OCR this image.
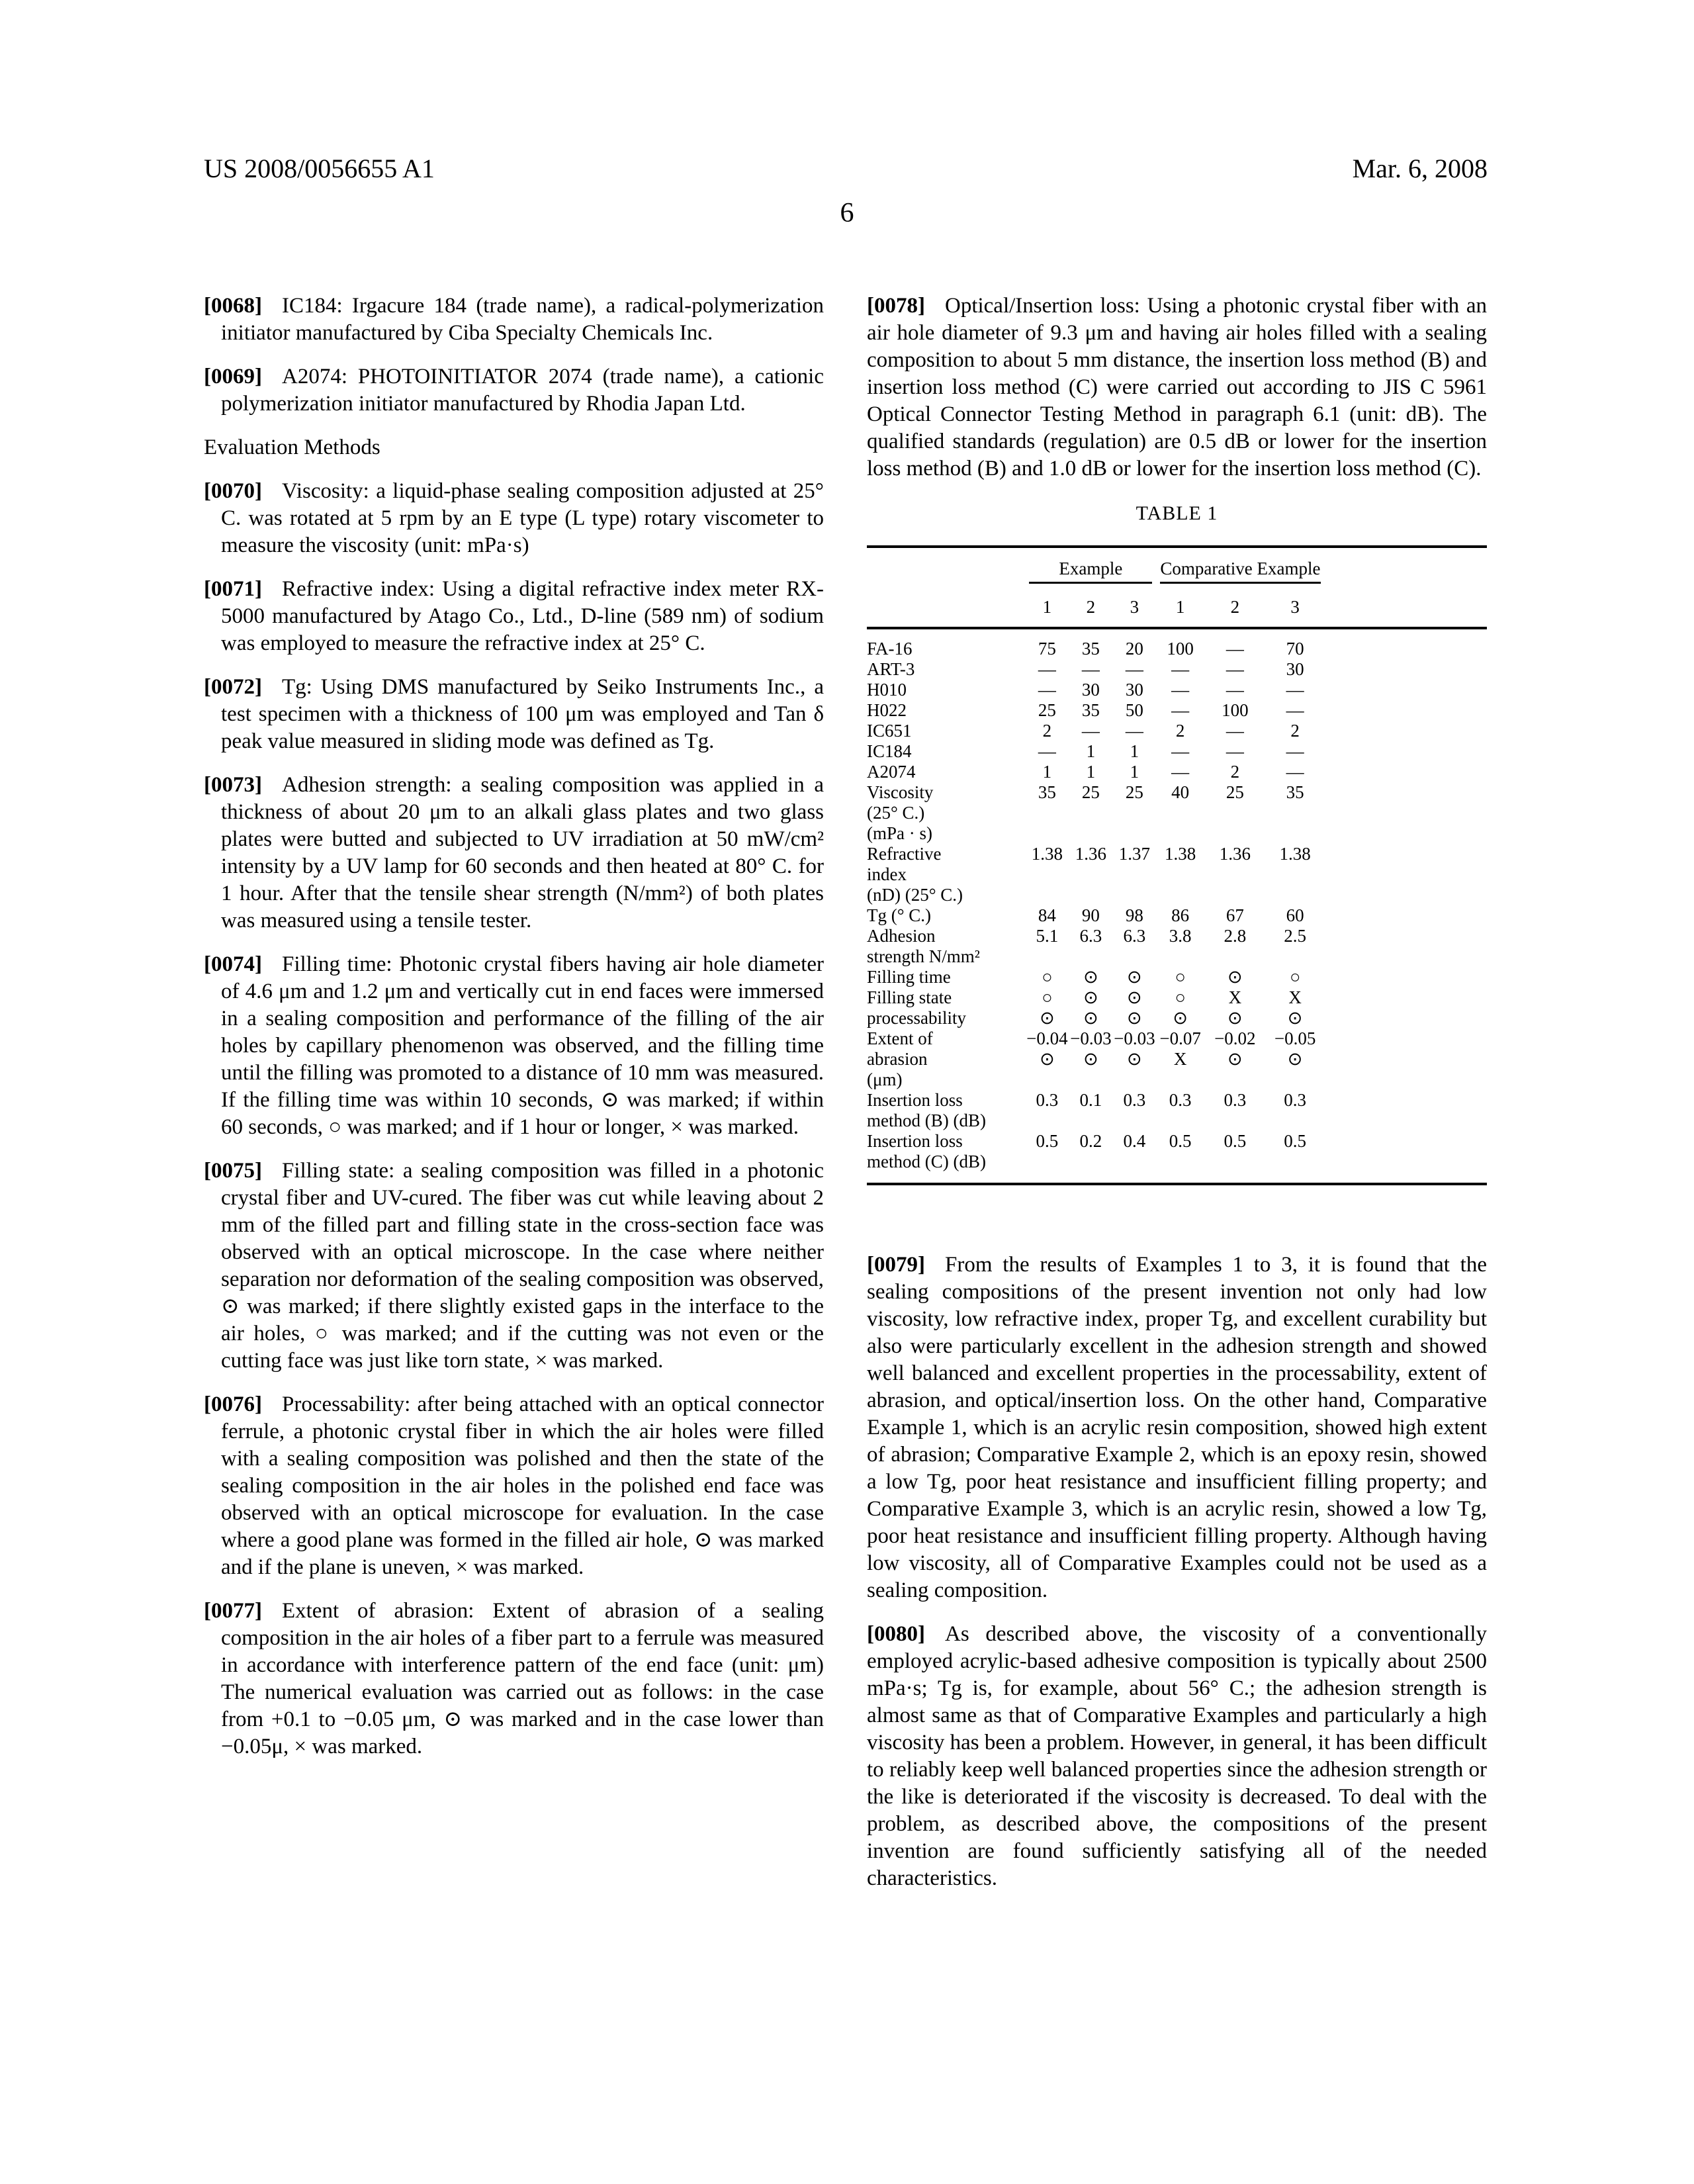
US 2008/0056655 A1	Mar. 6, 2008
6

[0068] IC184: Irgacure 184 (trade name), a radical-polymerization initiator manufactured by Ciba Specialty Chemicals Inc.

[0069] A2074: PHOTOINITIATOR 2074 (trade name), a cationic polymerization initiator manufactured by Rhodia Japan Ltd.

Evaluation Methods

[0070] Viscosity: a liquid-phase sealing composition adjusted at 25° C. was rotated at 5 rpm by an E type (L type) rotary viscometer to measure the viscosity (unit: mPa·s)

[0071] Refractive index: Using a digital refractive index meter RX-5000 manufactured by Atago Co., Ltd., D-line (589 nm) of sodium was employed to measure the refractive index at 25° C.

[0072] Tg: Using DMS manufactured by Seiko Instruments Inc., a test specimen with a thickness of 100 μm was employed and Tan δ peak value measured in sliding mode was defined as Tg.

[0073] Adhesion strength: a sealing composition was applied in a thickness of about 20 μm to an alkali glass plates and two glass plates were butted and subjected to UV irradiation at 50 mW/cm² intensity by a UV lamp for 60 seconds and then heated at 80° C. for 1 hour. After that the tensile shear strength (N/mm²) of both plates was measured using a tensile tester.

[0074] Filling time: Photonic crystal fibers having air hole diameter of 4.6 μm and 1.2 μm and vertically cut in end faces were immersed in a sealing composition and performance of the filling of the air holes by capillary phenomenon was observed, and the filling time until the filling was promoted to a distance of 10 mm was measured. If the filling time was within 10 seconds, ⊙ was marked; if within 60 seconds, ○ was marked; and if 1 hour or longer, × was marked.

[0075] Filling state: a sealing composition was filled in a photonic crystal fiber and UV-cured. The fiber was cut while leaving about 2 mm of the filled part and filling state in the cross-section face was observed with an optical microscope. In the case where neither separation nor deformation of the sealing composition was observed, ⊙ was marked; if there slightly existed gaps in the interface to the air holes, ○ was marked; and if the cutting was not even or the cutting face was just like torn state, × was marked.

[0076] Processability: after being attached with an optical connector ferrule, a photonic crystal fiber in which the air holes were filled with a sealing composition was polished and then the state of the sealing composition in the air holes in the polished end face was observed with an optical microscope for evaluation. In the case where a good plane was formed in the filled air hole, ⊙ was marked and if the plane is uneven, × was marked.

[0077] Extent of abrasion: Extent of abrasion of a sealing composition in the air holes of a fiber part to a ferrule was measured in accordance with interference pattern of the end face (unit: μm) The numerical evaluation was carried out as follows: in the case from +0.1 to −0.05 μm, ⊙ was marked and in the case lower than −0.05μ, × was marked.

[0078] Optical/Insertion loss: Using a photonic crystal fiber with an air hole diameter of 9.3 μm and having air holes filled with a sealing composition to about 5 mm distance, the insertion loss method (B) and insertion loss method (C) were carried out according to JIS C 5961 Optical Connector Testing Method in paragraph 6.1 (unit: dB). The qualified standards (regulation) are 0.5 dB or lower for the insertion loss method (B) and 1.0 dB or lower for the insertion loss method (C).

TABLE 1

	Example			Comparative Example			

	1	2	3	1	2	3	
FA-16	75	35	20	100	—	70	
ART-3	—	—	—	—	—	30	
H010	—	30	30	—	—	—	
H022	25	35	50	—	100	—	
IC651	2	—	—	2	—	2	
IC184	—	1	1	—	—	—	
A2074	1	1	1	—	2	—	
Viscosity	35	25	25	40	25	35	
(25° C.)							
(mPa · s)							
Refractive	1.38	1.36	1.37	1.38	1.36	1.38	
index							
(nD) (25° C.)							
Tg (° C.)	84	90	98	86	67	60	
Adhesion	5.1	6.3	6.3	3.8	2.8	2.5	
strength N/mm²							
Filling time	○	⊙	⊙	○	⊙	○	
Filling state	○	⊙	⊙	○	X	X	
processability	⊙	⊙	⊙	⊙	⊙	⊙	
Extent of	−0.04	−0.03	−0.03	−0.07	−0.02	−0.05	
abrasion	⊙	⊙	⊙	X	⊙	⊙	
(μm)							
Insertion loss	0.3	0.1	0.3	0.3	0.3	0.3	
method (B) (dB)							
Insertion loss	0.5	0.2	0.4	0.5	0.5	0.5	
method (C) (dB)							

[0079] From the results of Examples 1 to 3, it is found that the sealing compositions of the present invention not only had low viscosity, low refractive index, proper Tg, and excellent curability but also were particularly excellent in the adhesion strength and showed well balanced and excellent properties in the processability, extent of abrasion, and optical/insertion loss. On the other hand, Comparative Example 1, which is an acrylic resin composition, showed high extent of abrasion; Comparative Example 2, which is an epoxy resin, showed a low Tg, poor heat resistance and insufficient filling property; and Comparative Example 3, which is an acrylic resin, showed a low Tg, poor heat resistance and insufficient filling property. Although having low viscosity, all of Comparative Examples could not be used as a sealing composition.

[0080] As described above, the viscosity of a conventionally employed acrylic-based adhesive composition is typically about 2500 mPa·s; Tg is, for example, about 56° C.; the adhesion strength is almost same as that of Comparative Examples and particularly a high viscosity has been a problem. However, in general, it has been difficult to reliably keep well balanced properties since the adhesion strength or the like is deteriorated if the viscosity is decreased. To deal with the problem, as described above, the compositions of the present invention are found sufficiently satisfying all of the needed characteristics.
